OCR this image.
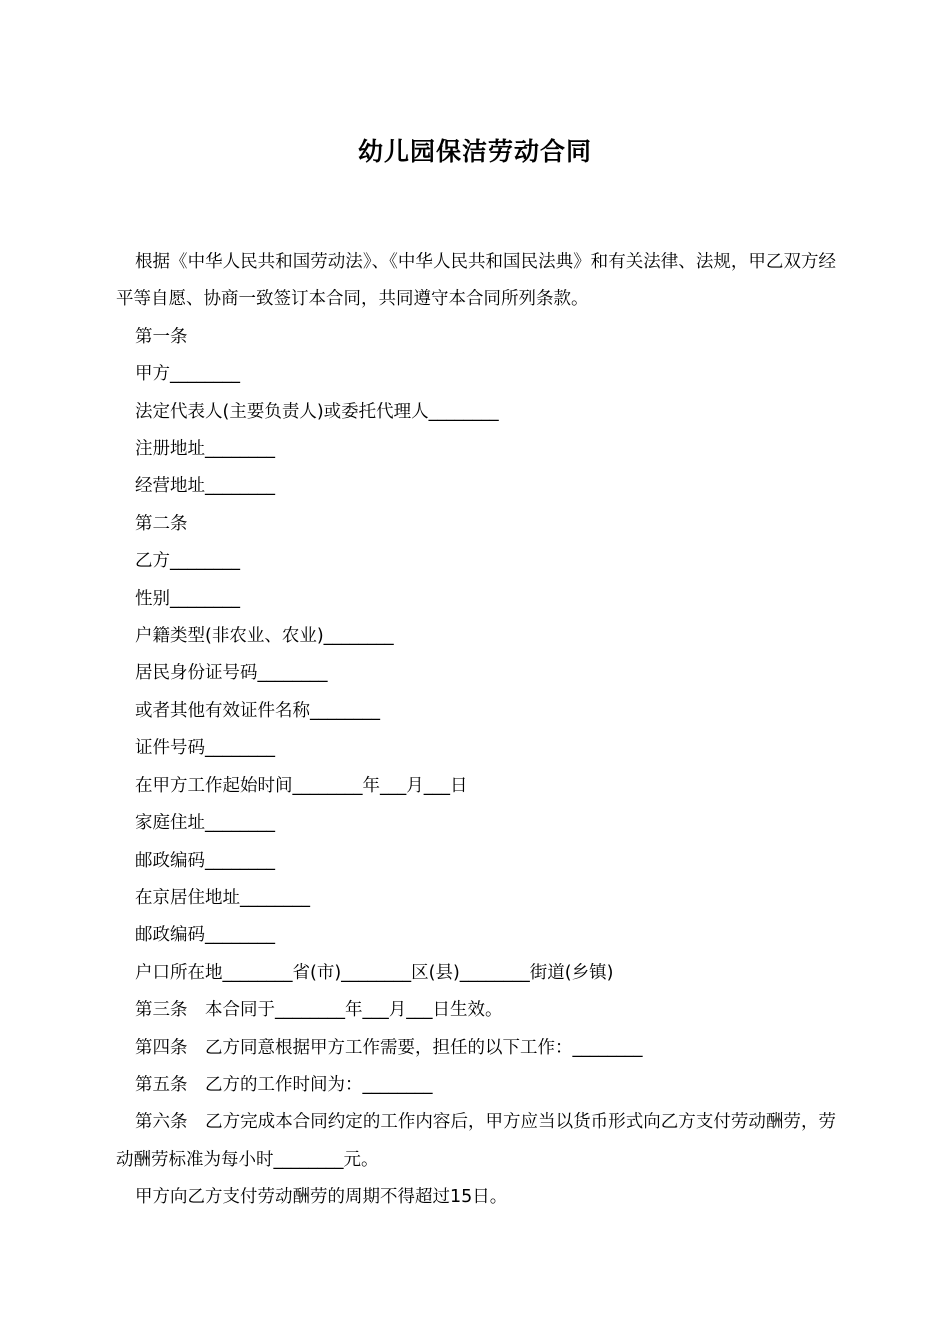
幼儿园保洁劳动合同

根据《中华人民共和国劳动法》、《中华人民共和国民法典》和有关法律、法规，甲乙双方经平等自愿、协商一致签订本合同，共同遵守本合同所列条款。

第一条

甲方________

法定代表人(主要负责人)或委托代理人________

注册地址________

经营地址________

第二条

乙方________

性别________

户籍类型(非农业、农业)________

居民身份证号码________

或者其他有效证件名称________

证件号码________

在甲方工作起始时间________年___月___日

家庭住址________

邮政编码________

在京居住地址________

邮政编码________

户口所在地________省(市)________区(县)________街道(乡镇)

第三条　本合同于________年___月___日生效。

第四条　乙方同意根据甲方工作需要，担任的以下工作：________

第五条　乙方的工作时间为：________

第六条　乙方完成本合同约定的工作内容后，甲方应当以货币形式向乙方支付劳动酬劳，劳动酬劳标准为每小时________元。

甲方向乙方支付劳动酬劳的周期不得超过15日。
